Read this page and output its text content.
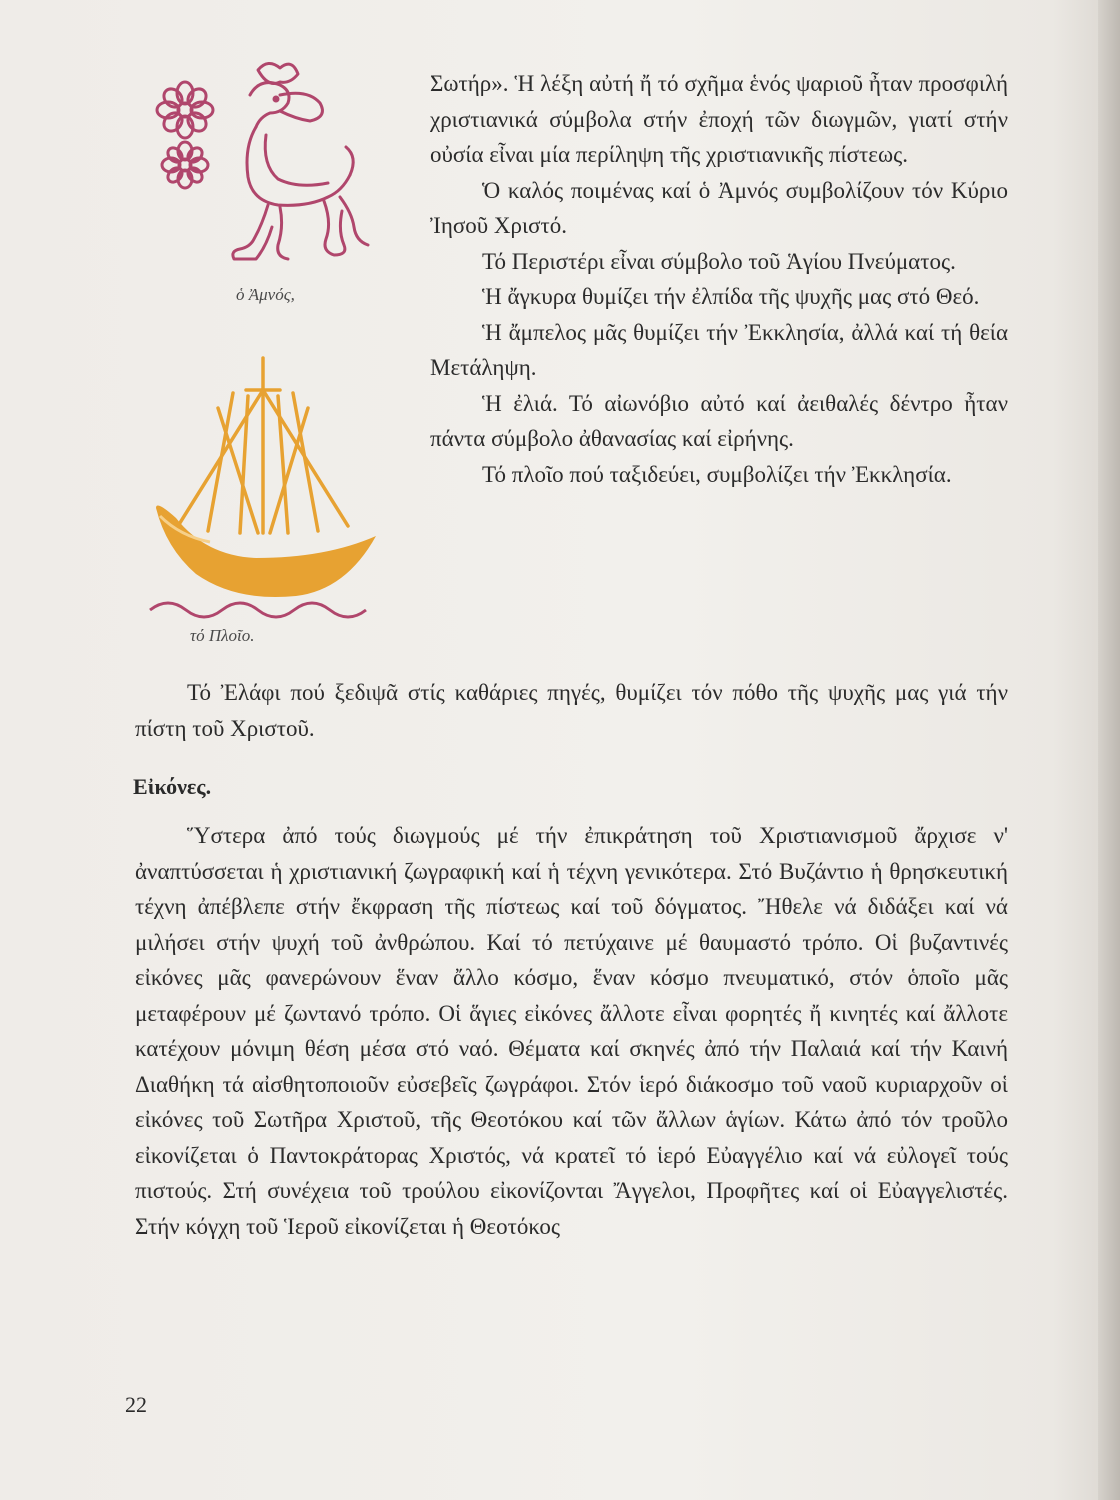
ὁ Ἀμνός,
τό Πλοῖο.

Σωτήρ». Ἡ λέξη αὐτή ἤ τό σχῆμα ἑνός ψαριοῦ ἦταν προσφιλή χριστιανικά σύμβολα στήν ἐποχή τῶν διωγμῶν, γιατί στήν οὐσία εἶναι μία περίληψη τῆς χριστιανικῆς πίστεως.

Ὁ καλός ποιμένας καί ὁ Ἀμνός συμβολίζουν τόν Κύριο Ἰησοῦ Χριστό.

Τό Περιστέρι εἶναι σύμβολο τοῦ Ἁγίου Πνεύματος.

Ἡ ἄγκυρα θυμίζει τήν ἐλπίδα τῆς ψυχῆς μας στό Θεό.

Ἡ ἄμπελος μᾶς θυμίζει τήν Ἐκκλησία, ἀλλά καί τή θεία Μετάληψη.

Ἡ ἐλιά. Τό αἰωνόβιο αὐτό καί ἀειθαλές δέντρο ἦταν πάντα σύμβολο ἀθανασίας καί εἰρήνης.

Τό πλοῖο πού ταξιδεύει, συμβολίζει τήν Ἐκκλησία.

Τό Ἐλάφι πού ξεδιψᾶ στίς καθάριες πηγές, θυμίζει τόν πόθο τῆς ψυχῆς μας γιά τήν πίστη τοῦ Χριστοῦ.

Εἰκόνες.

Ὕστερα ἀπό τούς διωγμούς μέ τήν ἐπικράτηση τοῦ Χριστιανισμοῦ ἄρχισε ν' ἀναπτύσσεται ἡ χριστιανική ζωγραφική καί ἡ τέχνη γενικότερα. Στό Βυζάντιο ἡ θρησκευτική τέχνη ἀπέβλεπε στήν ἔκφραση τῆς πίστεως καί τοῦ δόγματος. Ἤθελε νά διδάξει καί νά μιλήσει στήν ψυχή τοῦ ἀνθρώπου. Καί τό πετύχαινε μέ θαυμαστό τρόπο. Οἱ βυζαντινές εἰκόνες μᾶς φανερώνουν ἕναν ἄλλο κόσμο, ἕναν κόσμο πνευματικό, στόν ὁποῖο μᾶς μεταφέρουν μέ ζωντανό τρόπο. Οἱ ἅγιες εἰκόνες ἄλλοτε εἶναι φορητές ἤ κινητές καί ἄλλοτε κατέχουν μόνιμη θέση μέσα στό ναό. Θέματα καί σκηνές ἀπό τήν Παλαιά καί τήν Καινή Διαθήκη τά αἰσθητοποιοῦν εὐσεβεῖς ζωγράφοι. Στόν ἱερό διάκοσμο τοῦ ναοῦ κυριαρχοῦν οἱ εἰκόνες τοῦ Σωτῆρα Χριστοῦ, τῆς Θεοτόκου καί τῶν ἄλλων ἁγίων. Κάτω ἀπό τόν τροῦλο εἰκονίζεται ὁ Παντοκράτορας Χριστός, νά κρατεῖ τό ἱερό Εὐαγγέλιο καί νά εὐλογεῖ τούς πιστούς. Στή συνέχεια τοῦ τρούλου εἰκονίζονται Ἄγγελοι, Προφῆτες καί οἱ Εὐαγγελιστές. Στήν κόγχη τοῦ Ἱεροῦ εἰκονίζεται ἡ Θεοτόκος

22
